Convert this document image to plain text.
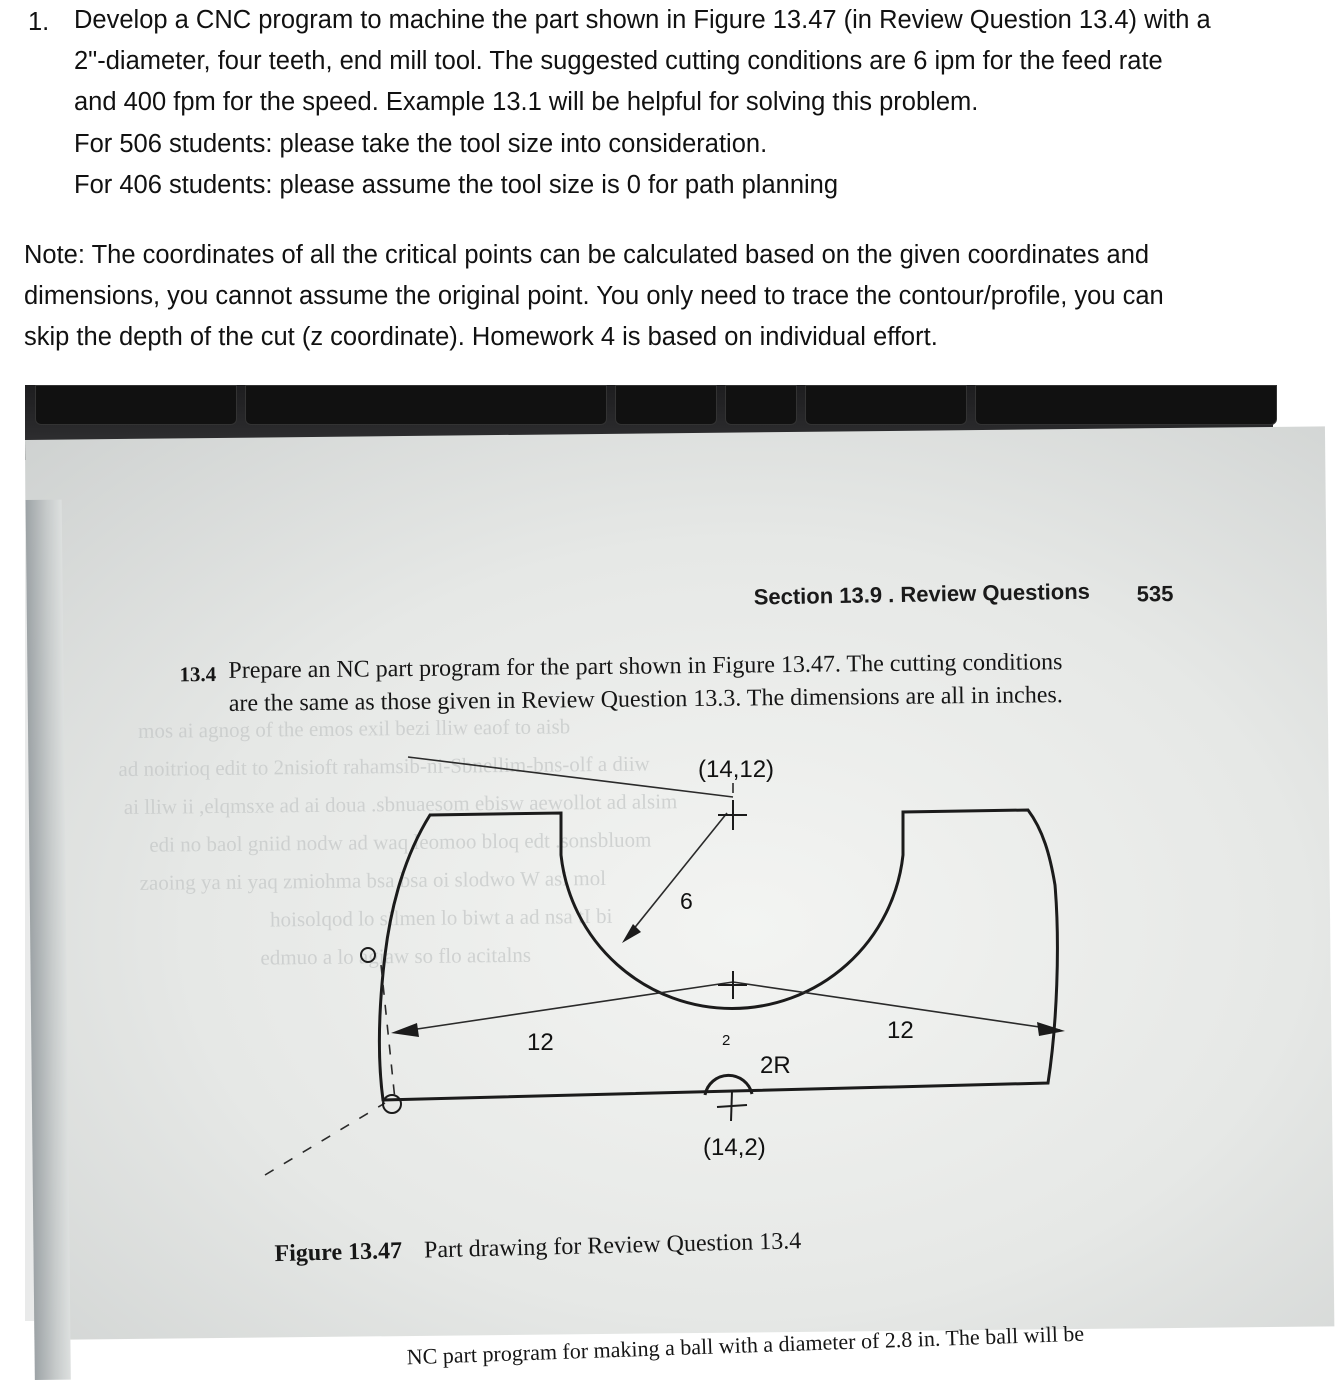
1. Develop a CNC program to machine the part shown in Figure 13.47 (in Review Question 13.4) with a
2"-diameter, four teeth, end mill tool. The suggested cutting conditions are 6 ipm for the feed rate
and 400 fpm for the speed. Example 13.1 will be helpful for solving this problem.
For 506 students: please take the tool size into consideration.
For 406 students: please assume the tool size is 0 for path planning
Note: The coordinates of all the critical points can be calculated based on the given coordinates and
dimensions, you cannot assume the original point. You only need to trace the contour/profile, you can
skip the depth of the cut (z coordinate). Homework 4 is based on individual effort.
mos ai agnog of the emos exil bezi lliw eaof to aisb
ad noitrioq edit to 2nisioft rahamsib-ni-Sbnellim-bns-olf a diiw
ai lliw ii ,elqmsxe ad ai doua .sbnuaesom ebisw aewollot ad alsim
edi no baol gniid nodw ad waq leomoo bloq edt .sonsbluom
zaoing ya ni yaq zmiohma bsa bsa oi slodwo W asi mol
hoisolqod lo silmen lo biwt a ad nsa tI bi
edmuo a lo agiaw so flo acitalns
Section 13.9 . Review Questions 535
13.4 Prepare an NC part program for the part shown in Figure 13.47. The cutting conditions
are the same as those given in Review Question 13.3. The dimensions are all in inches.
Figure 13.47 Part drawing for Review Question 13.4
NC part program for making a ball with a diameter of 2.8 in. The ball will be
(14,12)
6
12	12
2
2R
(14,2)
